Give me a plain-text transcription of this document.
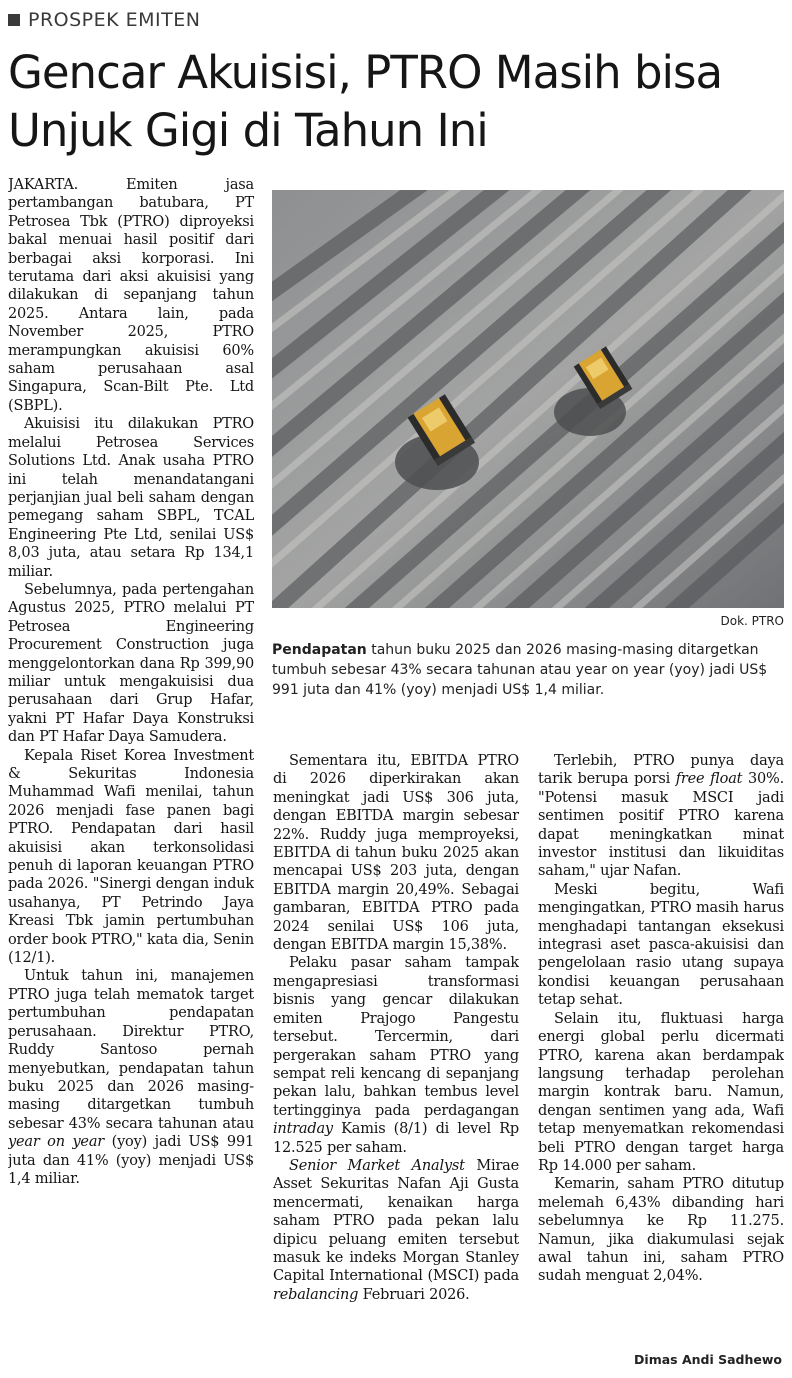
PROSPEK EMITEN
Gencar Akuisisi, PTRO Masih bisa Unjuk Gigi di Tahun Ini

JAKARTA. Emiten jasa pertambangan batubara, PT Petrosea Tbk (PTRO) diproyeksi bakal menuai hasil positif dari berbagai aksi korporasi. Ini terutama dari aksi akuisisi yang dilakukan di sepanjang tahun 2025. Antara lain, pada November 2025, PTRO merampungkan akuisisi 60% saham perusahaan asal Singapura, Scan-Bilt Pte. Ltd (SBPL).

Akuisisi itu dilakukan PTRO melalui Petrosea Services Solutions Ltd. Anak usaha PTRO ini telah menandatangani perjanjian jual beli saham dengan pemegang saham SBPL, TCAL Engineering Pte Ltd, senilai US$ 8,03 juta, atau setara Rp 134,1 miliar.

Sebelumnya, pada pertengahan Agustus 2025, PTRO melalui PT Petrosea Engineering Procurement Construction juga menggelontorkan dana Rp 399,90 miliar untuk mengakuisisi dua perusahaan dari Grup Hafar, yakni PT Hafar Daya Konstruksi dan PT Hafar Daya Samudera.

Kepala Riset Korea Investment & Sekuritas Indonesia Muhammad Wafi menilai, tahun 2026 menjadi fase panen bagi PTRO. Pendapatan dari hasil akuisisi akan terkonsolidasi penuh di laporan keuangan PTRO pada 2026. "Sinergi dengan induk usahanya, PT Petrindo Jaya Kreasi Tbk jamin pertumbuhan order book PTRO," kata dia, Senin (12/1).

Untuk tahun ini, manajemen PTRO juga telah mematok target pertumbuhan pendapatan perusahaan. Direktur PTRO, Ruddy Santoso pernah menyebutkan, pendapatan tahun buku 2025 dan 2026 masing-masing ditargetkan tumbuh sebesar 43% secara tahunan atau year on year (yoy) jadi US$ 991 juta dan 41% (yoy) menjadi US$ 1,4 miliar.

Dok. PTRO
Pendapatan tahun buku 2025 dan 2026 masing-masing ditargetkan tumbuh sebesar 43% secara tahunan atau year on year (yoy) jadi US$ 991 juta dan 41% (yoy) menjadi US$ 1,4 miliar.

Sementara itu, EBITDA PTRO di 2026 diperkirakan akan meningkat jadi US$ 306 juta, dengan EBITDA margin sebesar 22%. Ruddy juga memproyeksi, EBITDA di tahun buku 2025 akan mencapai US$ 203 juta, dengan EBITDA margin 20,49%. Sebagai gambaran, EBITDA PTRO pada 2024 senilai US$ 106 juta, dengan EBITDA margin 15,38%.

Pelaku pasar saham tampak mengapresiasi transformasi bisnis yang gencar dilakukan emiten Prajogo Pangestu tersebut. Tercermin, dari pergerakan saham PTRO yang sempat reli kencang di sepanjang pekan lalu, bahkan tembus level tertingginya pada perdagangan intraday Kamis (8/1) di level Rp 12.525 per saham.

Senior Market Analyst Mirae Asset Sekuritas Nafan Aji Gusta mencermati, kenaikan harga saham PTRO pada pekan lalu dipicu peluang emiten tersebut masuk ke indeks Morgan Stanley Capital International (MSCI) pada rebalancing Februari 2026.

Terlebih, PTRO punya daya tarik berupa porsi free float 30%. "Potensi masuk MSCI jadi sentimen positif PTRO karena dapat meningkatkan minat investor institusi dan likuiditas saham," ujar Nafan.

Meski begitu, Wafi mengingatkan, PTRO masih harus menghadapi tantangan eksekusi integrasi aset pasca-akuisisi dan pengelolaan rasio utang supaya kondisi keuangan perusahaan tetap sehat.

Selain itu, fluktuasi harga energi global perlu dicermati PTRO, karena akan berdampak langsung terhadap perolehan margin kontrak baru. Namun, dengan sentimen yang ada, Wafi tetap menyematkan rekomendasi beli PTRO dengan target harga Rp 14.000 per saham.

Kemarin, saham PTRO ditutup melemah 6,43% dibanding hari sebelumnya ke Rp 11.275. Namun, jika diakumulasi sejak awal tahun ini, saham PTRO sudah menguat 2,04%.

Dimas Andi Sadhewo
